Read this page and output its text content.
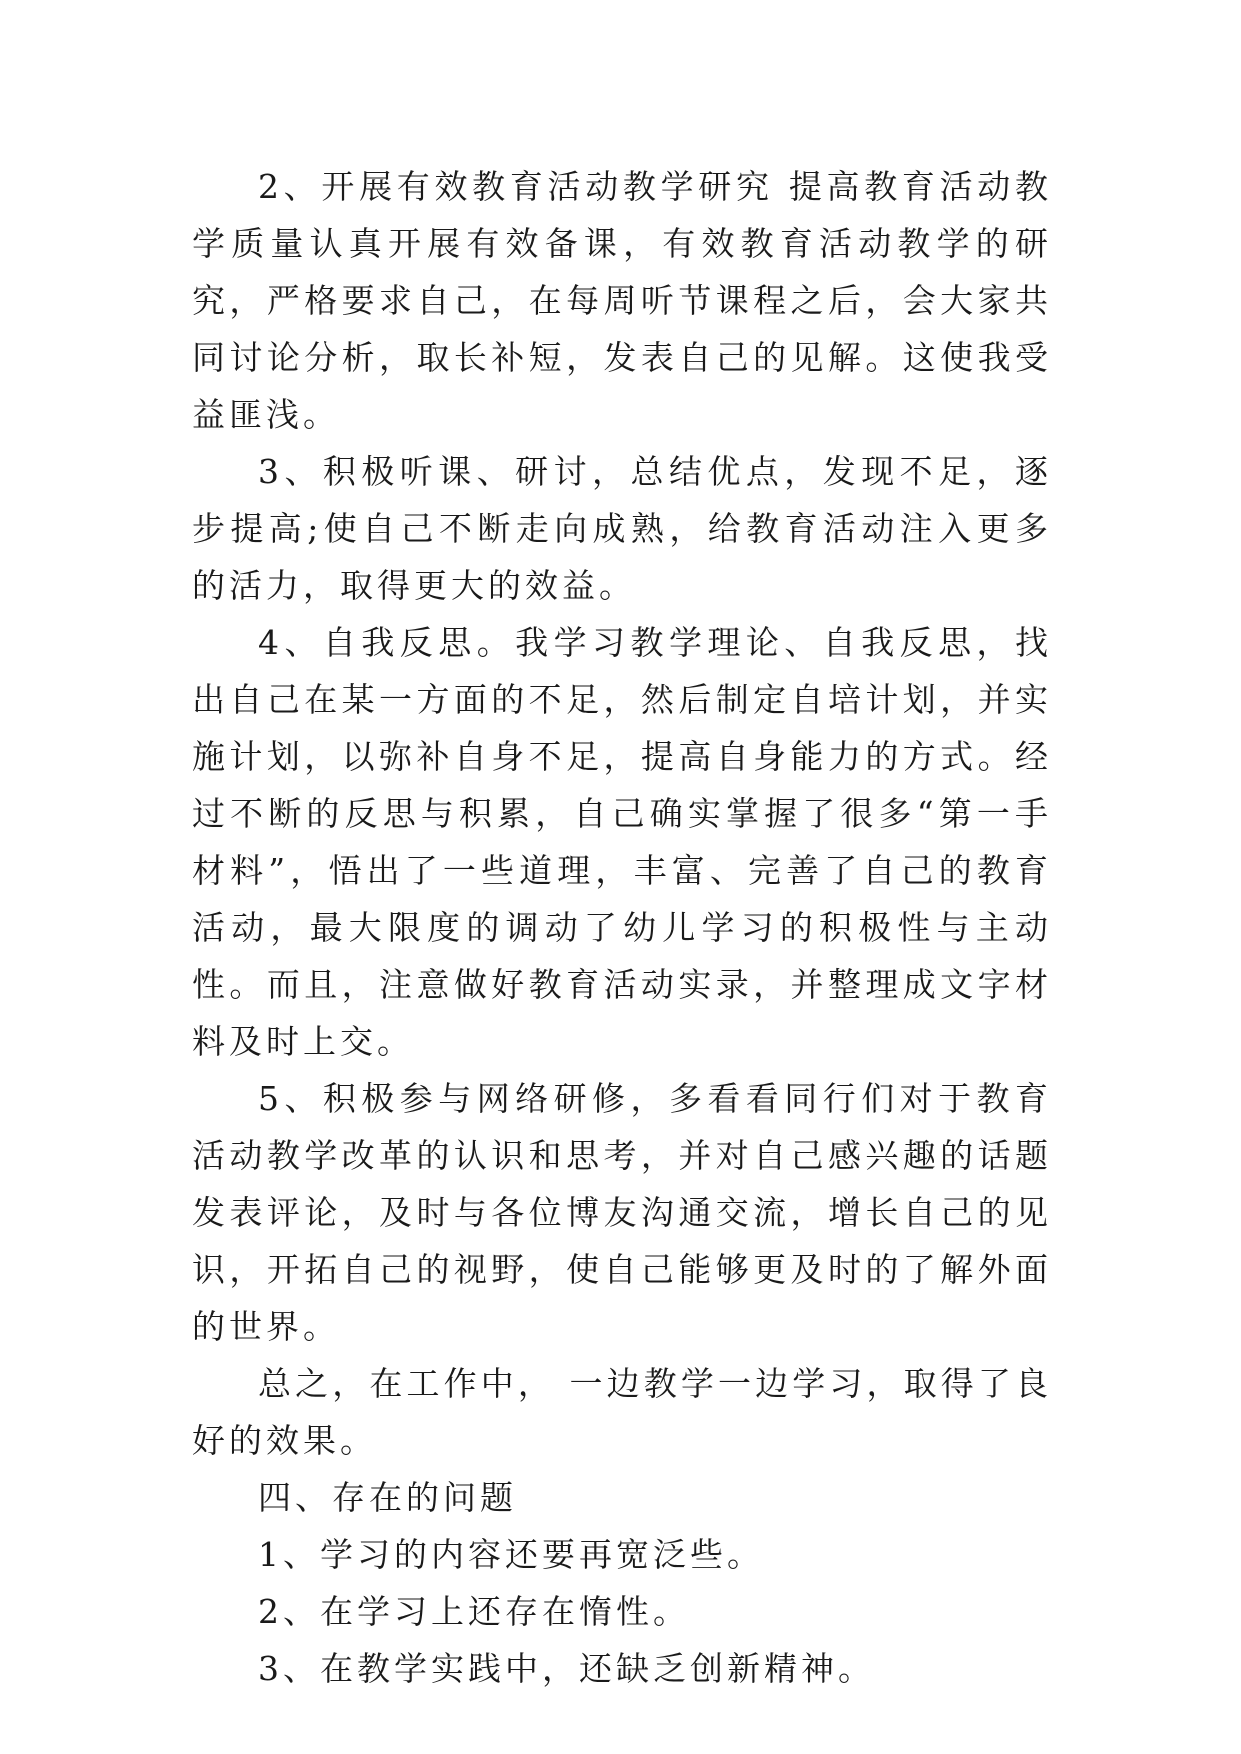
2、开展有效教育活动教学研究 提高教育活动教学质量认真开展有效备课，有效教育活动教学的研究，严格要求自己，在每周听节课程之后，会大家共同讨论分析，取长补短，发表自己的见解。这使我受益匪浅。

3、积极听课、研讨，总结优点，发现不足，逐步提高;使自己不断走向成熟，给教育活动注入更多的活力，取得更大的效益。

4、自我反思。我学习教学理论、自我反思，找出自己在某一方面的不足，然后制定自培计划，并实施计划，以弥补自身不足，提高自身能力的方式。经过不断的反思与积累，自己确实掌握了很多“第一手材料”，悟出了一些道理，丰富、完善了自己的教育活动，最大限度的调动了幼儿学习的积极性与主动性。而且，注意做好教育活动实录，并整理成文字材料及时上交。

5、积极参与网络研修，多看看同行们对于教育活动教学改革的认识和思考，并对自己感兴趣的话题发表评论，及时与各位博友沟通交流，增长自己的见识，开拓自己的视野，使自己能够更及时的了解外面的世界。

总之，在工作中， 一边教学一边学习，取得了良好的效果。

四、存在的问题

1、学习的内容还要再宽泛些。

2、在学习上还存在惰性。

3、在教学实践中，还缺乏创新精神。
